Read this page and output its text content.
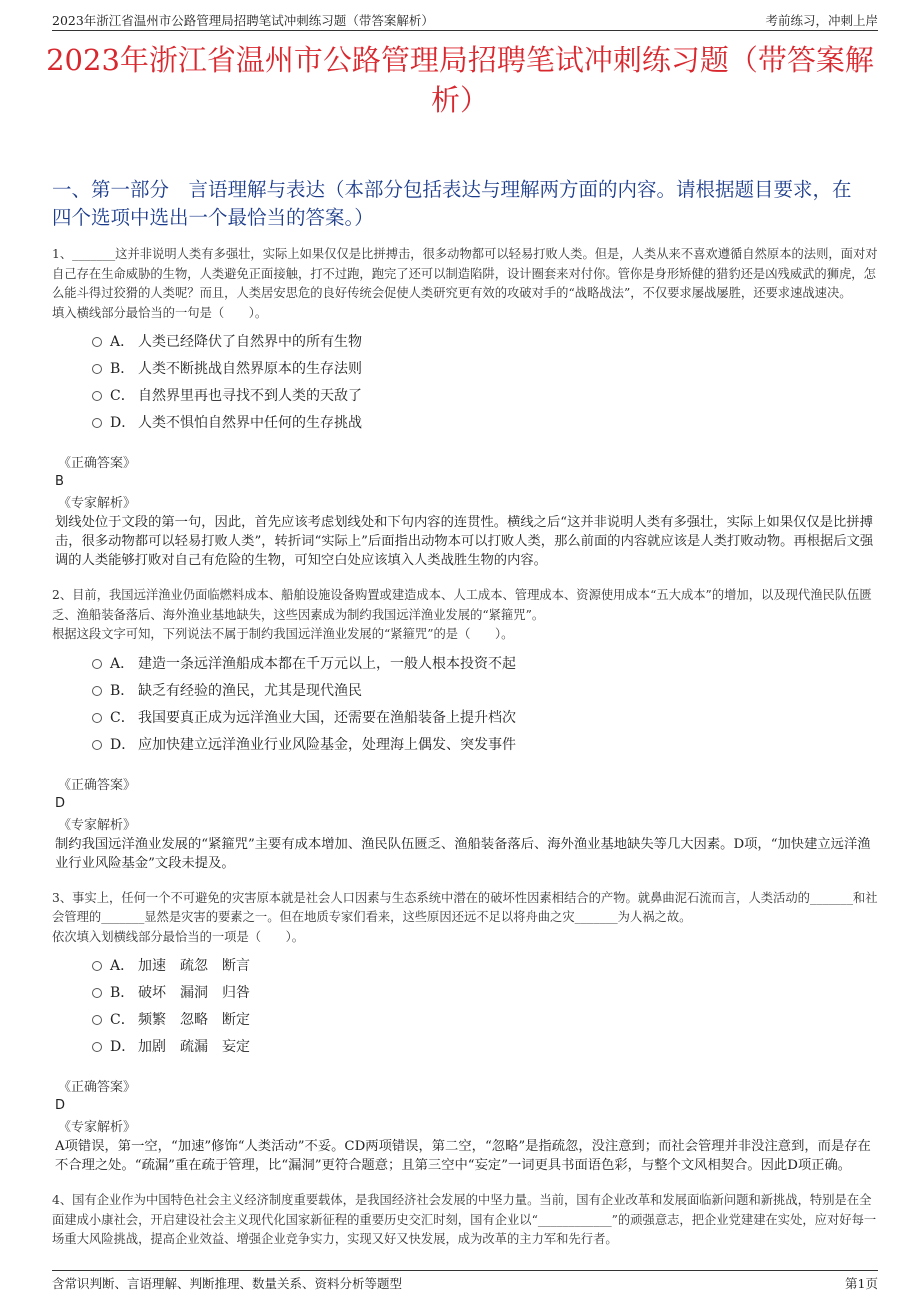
2023年浙江省温州市公路管理局招聘笔试冲刺练习题（带答案解析）	考前练习，冲刺上岸
2023年浙江省温州市公路管理局招聘笔试冲刺练习题（带答案解析）
一、第一部分　言语理解与表达（本部分包括表达与理解两方面的内容。请根据题目要求，在四个选项中选出一个最恰当的答案。）

1、_______这并非说明人类有多强壮，实际上如果仅仅是比拼搏击，很多动物都可以轻易打败人类。但是，人类从来不喜欢遵循自然原本的法则，面对对自己存在生命威胁的生物，人类避免正面接触，打不过跑，跑完了还可以制造陷阱，设计圈套来对付你。管你是身形矫健的猎豹还是凶残威武的狮虎，怎么能斗得过狡猾的人类呢？而且，人类居安思危的良好传统会促使人类研究更有效的攻破对手的“战略战法”，不仅要求屡战屡胜，还要求速战速决。

填入横线部分最恰当的一句是（　　）。

A． 人类已经降伏了自然界中的所有生物
B． 人类不断挑战自然界原本的生存法则
C． 自然界里再也寻找不到人类的天敌了
D． 人类不惧怕自然界中任何的生存挑战
《正确答案》
B
《专家解析》

划线处位于文段的第一句，因此，首先应该考虑划线处和下句内容的连贯性。横线之后“这并非说明人类有多强壮，实际上如果仅仅是比拼搏击，很多动物都可以轻易打败人类”，转折词“实际上”后面指出动物本可以打败人类，那么前面的内容就应该是人类打败动物。再根据后文强调的人类能够打败对自己有危险的生物，可知空白处应该填入人类战胜生物的内容。

2、目前，我国远洋渔业仍面临燃料成本、船舶设施设备购置或建造成本、人工成本、管理成本、资源使用成本“五大成本”的增加，以及现代渔民队伍匮乏、渔船装备落后、海外渔业基地缺失，这些因素成为制约我国远洋渔业发展的“紧箍咒”。

根据这段文字可知，下列说法不属于制约我国远洋渔业发展的“紧箍咒”的是（　　）。

A． 建造一条远洋渔船成本都在千万元以上，一般人根本投资不起
B． 缺乏有经验的渔民，尤其是现代渔民
C． 我国要真正成为远洋渔业大国，还需要在渔船装备上提升档次
D． 应加快建立远洋渔业行业风险基金，处理海上偶发、突发事件
《正确答案》
D
《专家解析》

制约我国远洋渔业发展的“紧箍咒”主要有成本增加、渔民队伍匮乏、渔船装备落后、海外渔业基地缺失等几大因素。D项，“加快建立远洋渔业行业风险基金”文段未提及。

3、事实上，任何一个不可避免的灾害原本就是社会人口因素与生态系统中潜在的破坏性因素相结合的产物。就鼻曲泥石流而言，人类活动的_______和社会管理的_______显然是灾害的要素之一。但在地质专家们看来，这些原因还远不足以将舟曲之灾_______为人祸之故。

依次填入划横线部分最恰当的一项是（　　）。

A． 加速　疏忽　断言
B． 破坏　漏洞　归咎
C． 频繁　忽略　断定
D． 加剧　疏漏　妄定
《正确答案》
D
《专家解析》

A项错误，第一空，“加速”修饰“人类活动”不妥。CD两项错误，第二空，“忽略”是指疏忽，没注意到；而社会管理并非没注意到，而是存在不合理之处。“疏漏”重在疏于管理，比“漏洞”更符合题意；且第三空中“妄定”一词更具书面语色彩，与整个文风相契合。因此D项正确。

4、国有企业作为中国特色社会主义经济制度重要载体，是我国经济社会发展的中坚力量。当前，国有企业改革和发展面临新问题和新挑战，特别是在全面建成小康社会，开启建设社会主义现代化国家新征程的重要历史交汇时刻，国有企业以“____________”的顽强意志，把企业党建建在实处，应对好每一场重大风险挑战，提高企业效益、增强企业竞争实力，实现又好又快发展，成为改革的主力军和先行者。

含常识判断、言语理解、判断推理、数量关系、资料分析等题型	第1页
